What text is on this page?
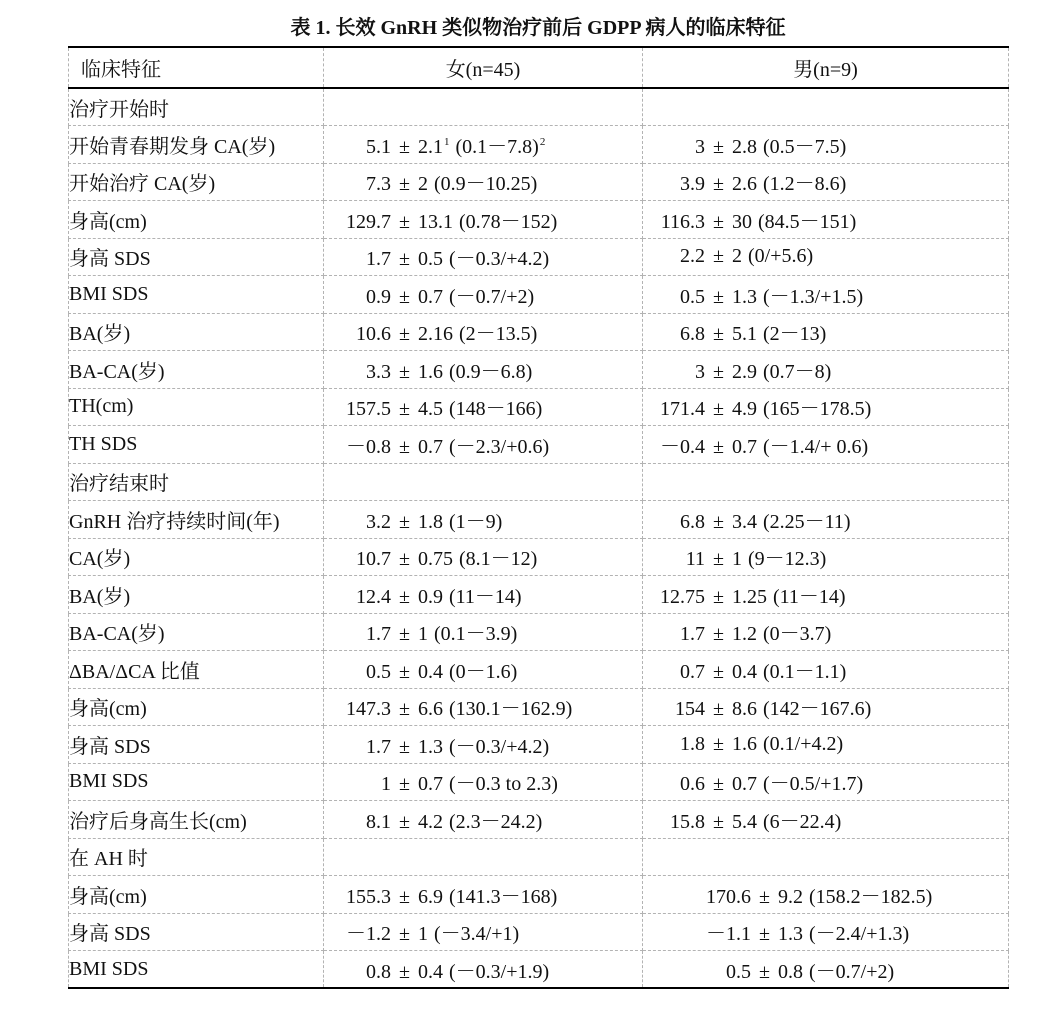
表 1. 长效 GnRH 类似物治疗前后 GDPP 病人的临床特征
临床特征	女(n=45)	男(n=9)
治疗开始时		
开始青春期发身 CA(岁)	5.1 ± 2.1$^1$ (0.1－7.8)$^2$	3 ± 2.8 (0.5－7.5)
开始治疗 CA(岁)	7.3 ± 2 (0.9－10.25)	3.9 ± 2.6 (1.2－8.6)
身高(cm)	129.7 ± 13.1 (0.78－152)	116.3 ± 30 (84.5－151)
身高 SDS	1.7 ± 0.5 (－0.3/+4.2)	2.2 ± 2 (0/+5.6)
BMI SDS	0.9 ± 0.7 (－0.7/+2)	0.5 ± 1.3 (－1.3/+1.5)
BA(岁)	10.6 ± 2.16 (2－13.5)	6.8 ± 5.1 (2－13)
BA-CA(岁)	3.3 ± 1.6 (0.9－6.8)	3 ± 2.9 (0.7－8)
TH(cm)	157.5 ± 4.5 (148－166)	171.4 ± 4.9 (165－178.5)
TH SDS	－0.8 ± 0.7 (－2.3/+0.6)	－0.4 ± 0.7 (－1.4/+ 0.6)
治疗结束时		
GnRH 治疗持续时间(年)	3.2 ± 1.8 (1－9)	6.8 ± 3.4 (2.25－11)
CA(岁)	10.7 ± 0.75 (8.1－12)	11 ± 1 (9－12.3)
BA(岁)	12.4 ± 0.9 (11－14)	12.75 ± 1.25 (11－14)
BA-CA(岁)	1.7 ± 1 (0.1－3.9)	1.7 ± 1.2 (0－3.7)
ΔBA/ΔCA 比值	0.5 ± 0.4 (0－1.6)	0.7 ± 0.4 (0.1－1.1)
身高(cm)	147.3 ± 6.6 (130.1－162.9)	154 ± 8.6 (142－167.6)
身高 SDS	1.7 ± 1.3 (－0.3/+4.2)	1.8 ± 1.6 (0.1/+4.2)
BMI SDS	1 ± 0.7 (－0.3 to 2.3)	0.6 ± 0.7 (－0.5/+1.7)
治疗后身高生长(cm)	8.1 ± 4.2 (2.3－24.2)	15.8 ± 5.4 (6－22.4)
在 AH 时		
身高(cm)	155.3 ± 6.9 (141.3－168)	170.6 ± 9.2 (158.2－182.5)
身高 SDS	－1.2 ± 1 (－3.4/+1)	－1.1 ± 1.3 (－2.4/+1.3)
BMI SDS	0.8 ± 0.4 (－0.3/+1.9)	0.5 ± 0.8 (－0.7/+2)
